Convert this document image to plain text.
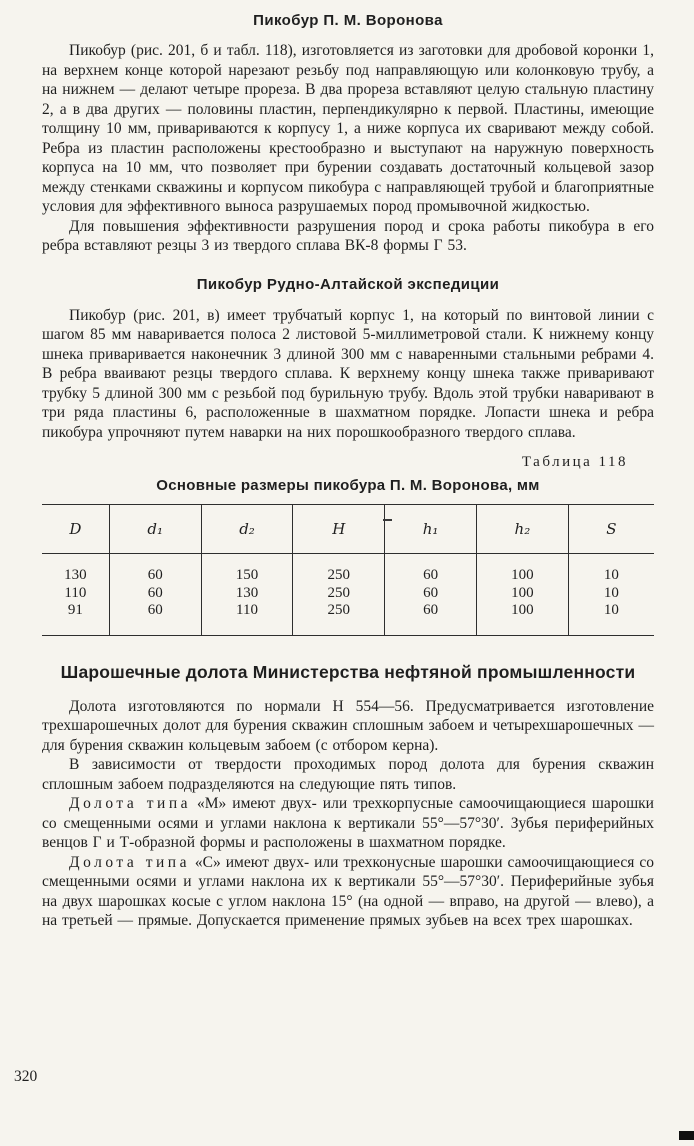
Пикобур П. М. Воронова

Пикобур (рис. 201, б и табл. 118), изготовляется из заготовки для дробовой коронки 1, на верхнем конце которой нарезают резьбу под направляющую или колонковую трубу, а на нижнем — делают четыре прореза. В два прореза вставляют целую стальную пластину 2, а в два других — половины пластин, перпендикулярно к первой. Пластины, имеющие толщину 10 мм, привариваются к корпусу 1, а ниже корпуса их сваривают между собой. Ребра из пластин расположены крестообразно и выступают на наружную поверхность корпуса на 10 мм, что позволяет при бурении создавать достаточный кольцевой зазор между стенками скважины и корпусом пикобура с направляющей трубой и благоприятные условия для эффективного выноса разрушаемых пород промывочной жидкостью.

Для повышения эффективности разрушения пород и срока работы пикобура в его ребра вставляют резцы 3 из твердого сплава ВК-8 формы Г 53.

Пикобур Рудно-Алтайской экспедиции

Пикобур (рис. 201, в) имеет трубчатый корпус 1, на который по винтовой линии с шагом 85 мм наваривается полоса 2 листовой 5-миллиметровой стали. К нижнему концу шнека приваривается наконечник 3 длиной 300 мм с наваренными стальными ребрами 4. В ребра вваивают резцы твердого сплава. К верхнему концу шнека также приваривают трубку 5 длиной 300 мм с резьбой под бурильную трубу. Вдоль этой трубки наваривают в три ряда пластины 6, расположенные в шахматном порядке. Лопасти шнека и ребра пикобура упрочняют путем наварки на них порошкообразного твердого сплава.

Таблица 118
Основные размеры пикобура П. М. Воронова, мм
D	d₁	d₂	H	h₁	h₂	S
130	60	150	250	60	100	10
110	60	130	250	60	100	10
91	60	110	250	60	100	10
Шарошечные долота Министерства нефтяной промышленности

Долота изготовляются по нормали Н 554—56. Предусматривается изготовление трехшарошечных долот для бурения скважин сплошным забоем и четырехшарошечных — для бурения скважин кольцевым забоем (с отбором керна).

В зависимости от твердости проходимых пород долота для бурения скважин сплошным забоем подразделяются на следующие пять типов.

Долота типа «М» имеют двух- или трехкорпусные самоочищающиеся шарошки со смещенными осями и углами наклона к вертикали 55°—57°30′. Зубья периферийных венцов Г и Т-образной формы и расположены в шахматном порядке.

Долота типа «С» имеют двух- или трехконусные шарошки самоочищающиеся со смещенными осями и углами наклона их к вертикали 55°—57°30′. Периферийные зубья на двух шарошках косые с углом наклона 15° (на одной — вправо, на другой — влево), а на третьей — прямые. Допускается применение прямых зубьев на всех трех шарошках.

320
